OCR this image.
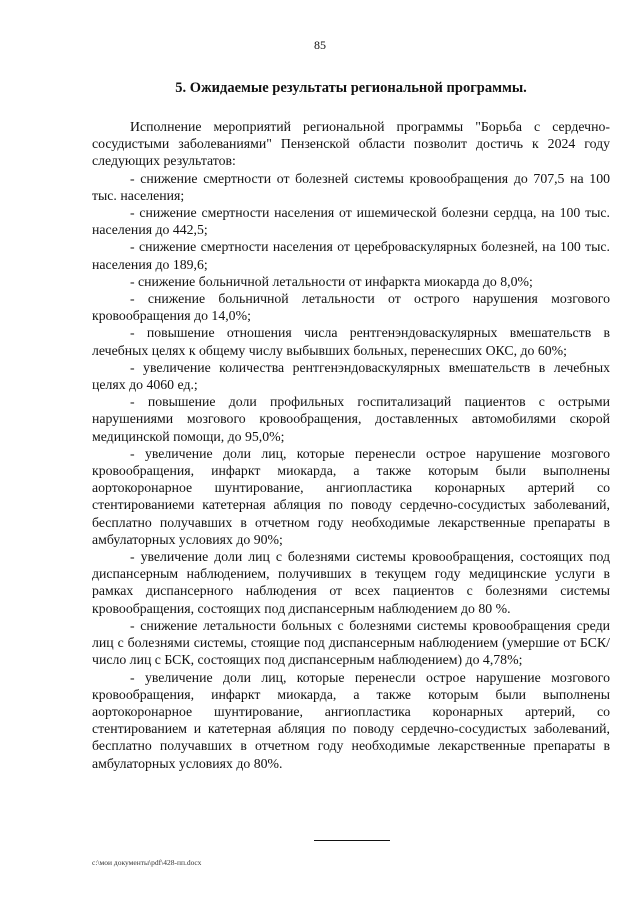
85
5. Ожидаемые результаты региональной программы.

Исполнение мероприятий региональной программы "Борьба с сердечно-сосудистыми заболеваниями" Пензенской области позволит достичь к 2024 году следующих результатов:

- снижение смертности от болезней системы кровообращения до 707,5 на 100 тыс. населения;

- снижение смертности населения от ишемической болезни сердца, на 100 тыс. населения до 442,5;

- снижение смертности населения от цереброваскулярных болезней, на 100 тыс. населения до 189,6;

- снижение больничной летальности от инфаркта миокарда до 8,0%;

- снижение больничной летальности от острого нарушения мозгового кровообращения до 14,0%;

- повышение отношения числа рентгенэндоваскулярных вмешательств в лечебных целях к общему числу выбывших больных, перенесших ОКС, до 60%;

- увеличение количества рентгенэндоваскулярных вмешательств в лечебных целях до 4060 ед.;

- повышение доли профильных госпитализаций пациентов с острыми нарушениями мозгового кровообращения, доставленных автомобилями скорой медицинской помощи, до 95,0%;

- увеличение доли лиц, которые перенесли острое нарушение мозгового кровообращения, инфаркт миокарда, а также которым были выполнены аортокоронарное шунтирование, ангиопластика коронарных артерий со стентированиеми катетерная абляция по поводу сердечно-сосудистых заболеваний, бесплатно получавших в отчетном году необходимые лекарственные препараты в амбулаторных условиях до 90%;

- увеличение доли лиц с болезнями системы кровообращения, состоящих под диспансерным наблюдением, получивших в текущем году медицинские услуги в рамках диспансерного наблюдения от всех пациентов с болезнями системы кровообращения, состоящих под диспансерным наблюдением до 80 %.

- снижение летальности больных с болезнями системы кровообращения среди лиц с болезнями системы, стоящие под диспансерным наблюдением (умершие от БСК/ число лиц с БСК, состоящих под диспансерным наблюдением) до 4,78%;

- увеличение доли лиц, которые перенесли острое нарушение мозгового кровообращения, инфаркт миокарда, а также которым были выполнены аортокоронарное шунтирование, ангиопластика коронарных артерий, со стентированием и катетерная абляция по поводу сердечно-сосудистых заболеваний, бесплатно получавших в отчетном году необходимые лекарственные препараты в амбулаторных условиях до 80%.

c:\мои документы\pdf\428-пп.docx
